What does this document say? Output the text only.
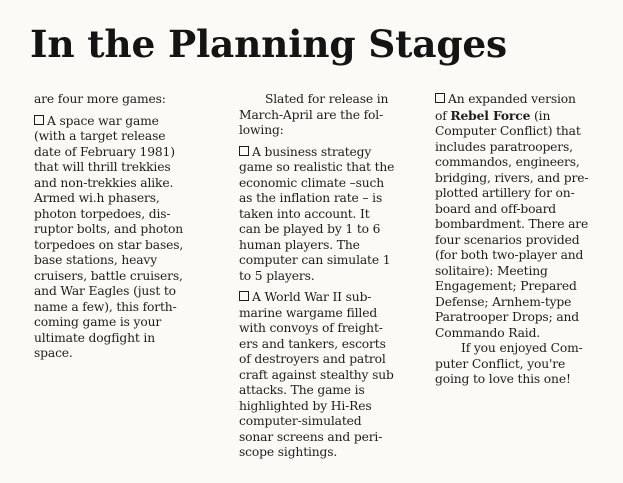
In the Planning Stages
are four more games:
A space war game
(with a target release
date of February 1981)
that will thrill trekkies
and non-trekkies alike.
Armed wi.h phasers,
photon torpedoes, dis-
ruptor bolts, and photon
torpedoes on star bases,
base stations, heavy
cruisers, battle cruisers,
and War Eagles (just to
name a few), this forth-
coming game is your
ultimate dogfight in
space.
Slated for release in
March-April are the fol-
lowing:
A business strategy
game so realistic that the
economic climate –such
as the inflation rate – is
taken into account. It
can be played by 1 to 6
human players. The
computer can simulate 1
to 5 players.
A World War II sub-
marine wargame filled
with convoys of freight-
ers and tankers, escorts
of destroyers and patrol
craft against stealthy sub
attacks. The game is
highlighted by Hi-Res
computer-simulated
sonar screens and peri-
scope sightings.
An expanded version
of Rebel Force (in
Computer Conflict) that
includes paratroopers,
commandos, engineers,
bridging, rivers, and pre-
plotted artillery for on-
board and off-board
bombardment. There are
four scenarios provided
(for both two-player and
solitaire): Meeting
Engagement; Prepared
Defense; Arnhem-type
Paratrooper Drops; and
Commando Raid.
If you enjoyed Com-
puter Conflict, you're
going to love this one!
